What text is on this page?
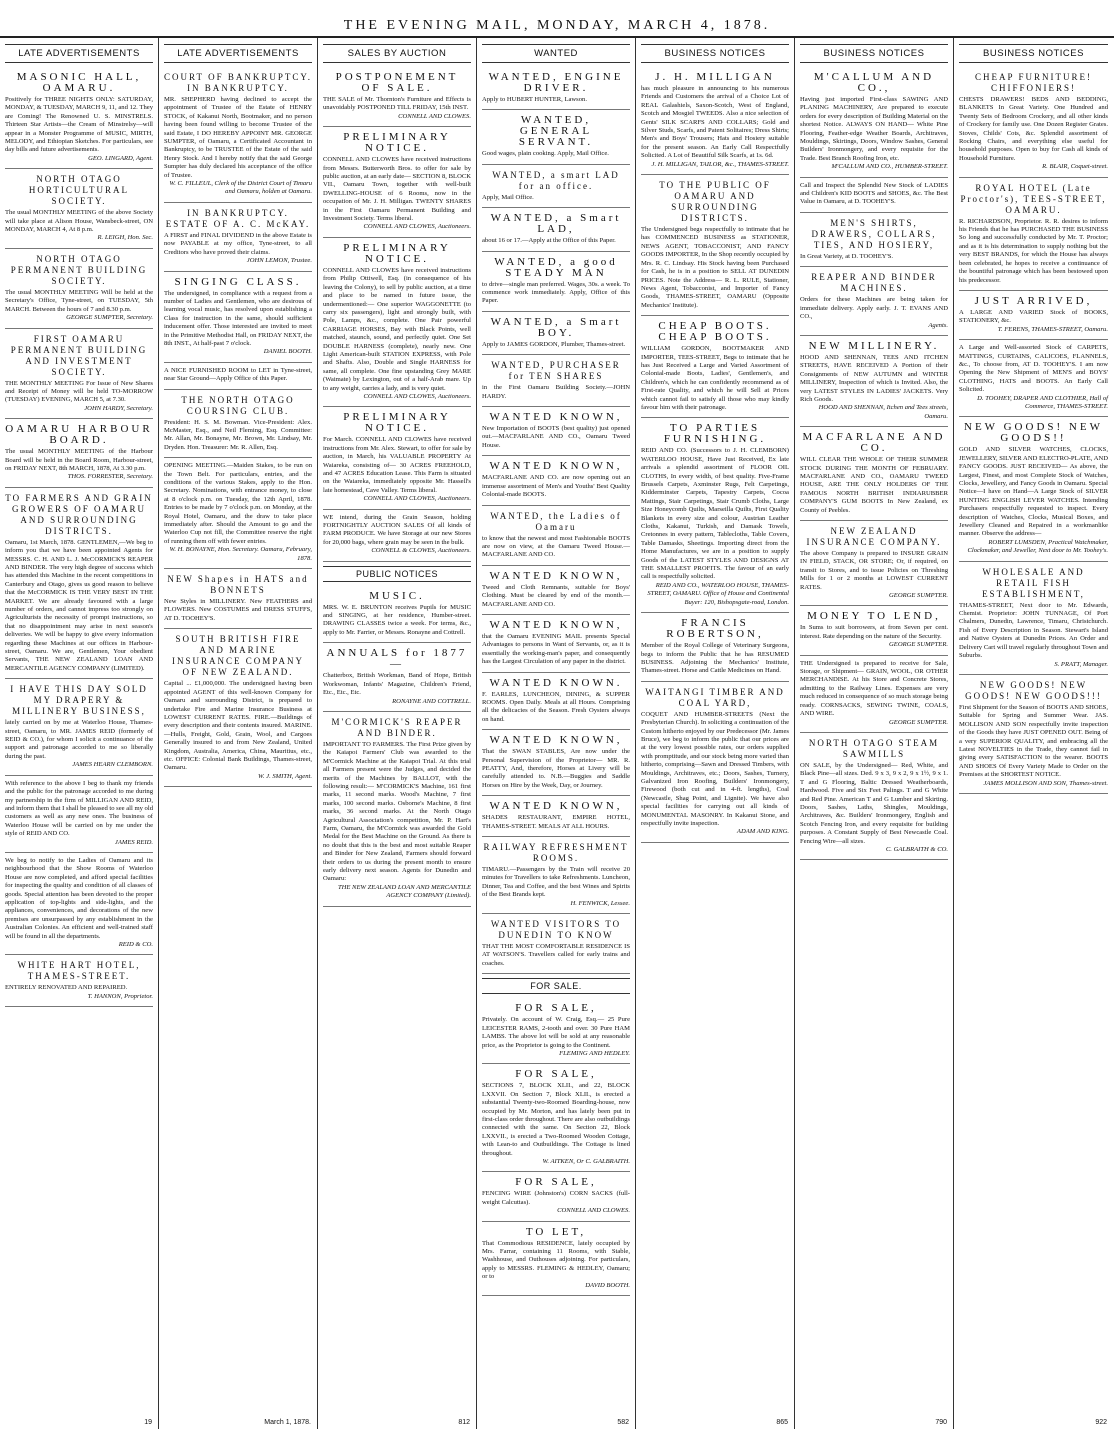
THE EVENING MAIL, MONDAY, MARCH 4, 1878.
LATE ADVERTISEMENTS
MASONIC HALL, OAMARU.
Positively for THREE NIGHTS ONLY: SATURDAY, MONDAY, & TUESDAY, MARCH 9, 11, and 12. They are Coming! The Renowned U. S. MINSTRELS. Thirteen Star Artists—the Cream of Minstrelsy—will appear in a Monster Programme of MUSIC, MIRTH, MELODY, and Ethiopian Sketches. For particulars, see day bills and future advertisements.
GEO. LINGARD, Agent.
NORTH OTAGO HORTICULTURAL SOCIETY.
The usual MONTHLY MEETING of the above Society will take place at Alison House, Wansbeck-street, ON MONDAY, MARCH 4, At 8 p.m.
R. LEIGH, Hon. Sec.
NORTH OTAGO PERMANENT BUILDING SOCIETY.
The usual MONTHLY MEETING Will be held at the Secretary's Office, Tyne-street, on TUESDAY, 5th MARCH. Between the hours of 7 and 8.30 p.m.
GEORGE SUMPTER, Secretary.
FIRST OAMARU PERMANENT BUILDING AND INVESTMENT SOCIETY.
THE MONTHLY MEETING For Issue of New Shares and Receipt of Money will be held TO-MORROW (TUESDAY) EVENING, MARCH 5, at 7.30.
JOHN HARDY, Secretary.
OAMARU HARBOUR BOARD.
The usual MONTHLY MEETING of the Harbour Board will be held in the Board Room, Harbour-street, on FRIDAY NEXT, 8th MARCH, 1878, At 3.30 p.m.
THOS. FORRESTER, Secretary.
TO FARMERS AND GRAIN GROWERS OF OAMARU AND SURROUNDING DISTRICTS.
Oamaru, 1st March, 1878. GENTLEMEN,—We beg to inform you that we have been appointed Agents for MESSRS. C. H. AND L. J. McCORMICK'S REAPER AND BINDER. The very high degree of success which has attended this Machine in the recent competitions in Canterbury and Otago, gives us good reason to believe that the McCORMICK IS THE VERY BEST IN THE MARKET. We are already favoured with a large number of orders, and cannot impress too strongly on Agriculturists the necessity of prompt instructions, so that no disappointment may arise in next season's deliveries. We will be happy to give every information regarding these Machines at our offices in Harbour-street, Oamaru. We are, Gentlemen, Your obedient Servants, THE NEW ZEALAND LOAN AND MERCANTILE AGENCY COMPANY (LIMITED).
I HAVE THIS DAY SOLD MY DRAPERY & MILLINERY BUSINESS,
lately carried on by me at Waterloo House, Thames-street, Oamaru, to MR. JAMES REID (formerly of REID & CO.), for whom I solicit a continuance of the support and patronage accorded to me so liberally during the past.
JAMES HEARN CLEMBORN.
With reference to the above I beg to thank my friends and the public for the patronage accorded to me during my partnership in the firm of MILLIGAN AND REID, and inform them that I shall be pleased to see all my old customers as well as any new ones. The business of Waterloo House will be carried on by me under the style of REID AND CO.
JAMES REID.
We beg to notify to the Ladies of Oamaru and its neighbourhood that the Show Rooms of Waterloo House are now completed, and afford special facilities for inspecting the quality and condition of all classes of goods. Special attention has been devoted to the proper application of top-lights and side-lights, and the appliances, conveniences, and decorations of the new premises are unsurpassed by any establishment in the Australian Colonies. An efficient and well-trained staff will be found in all the departments.
REID & CO.
WHITE HART HOTEL, THAMES-STREET.
ENTIRELY RENOVATED AND REPAIRED.
T. HANNON, Proprietor.
19
LATE ADVERTISEMENTS
COURT OF BANKRUPTCY. IN BANKRUPTCY.
MR. SHEPHERD having declined to accept the appointment of Trustee of the Estate of HENRY STOCK, of Kakanui North, Bootmaker, and no person having been found willing to become Trustee of the said Estate, I DO HEREBY APPOINT MR. GEORGE SUMPTER, of Oamaru, a Certificated Accountant in Bankruptcy, to be TRUSTEE of the Estate of the said Henry Stock. And I hereby notify that the said George Sumpter has duly declared his acceptance of the office of Trustee.
W. C. FILLEUL, Clerk of the District Court of Timaru and Oamaru, holden at Oamaru.
IN BANKRUPTCY. ESTATE OF A. C. McKAY.
A FIRST and FINAL DIVIDEND in the above Estate is now PAYABLE at my office, Tyne-street, to all Creditors who have proved their claims.
JOHN LEMON, Trustee.
SINGING CLASS.
The undersigned, in compliance with a request from a number of Ladies and Gentlemen, who are desirous of learning vocal music, has resolved upon establishing a Class for instruction in the same, should sufficient inducement offer. Those interested are invited to meet in the Primitive Methodist Hall, on FRIDAY NEXT, the 8th INST., At half-past 7 o'clock.
DANIEL BOOTH.
A NICE FURNISHED ROOM to LET in Tyne-street, near Star Ground—Apply Office of this Paper.
THE NORTH OTAGO COURSING CLUB.
President: H. S. M. Bowman. Vice-President: Alex. McMaster, Esq., and Neil Fleming, Esq. Committee: Mr. Allan, Mr. Bonayne, Mr. Brown, Mr. Lindsay, Mr. Dryden. Hon. Treasurer: Mr. R. Allen, Esq.
OPENING MEETING.—Maiden Stakes, to be run on the Town Belt. For particulars, entries, and the conditions of the various Stakes, apply to the Hon. Secretary. Nominations, with entrance money, to close at 8 o'clock p.m. on Tuesday, the 12th April, 1878. Entries to be made by 7 o'clock p.m. on Monday, at the Royal Hotel, Oamaru, and the draw to take place immediately after. Should the Amount to go and the Waterloo Cup not fill, the Committee reserve the right of running them off with fewer entries.
W. H. BONAYNE, Hon. Secretary. Oamaru, February, 1878.
NEW Shapes in HATS and BONNETS
New Styles in MILLINERY. New FEATHERS and FLOWERS. New COSTUMES and DRESS STUFFS, AT D. TOOHEY'S.
SOUTH BRITISH FIRE AND MARINE INSURANCE COMPANY OF NEW ZEALAND.
Capital ... £1,000,000. The undersigned having been appointed AGENT of this well-known Company for Oamaru and surrounding District, is prepared to undertake Fire and Marine Insurance Business at LOWEST CURRENT RATES. FIRE.—Buildings of every description and their contents insured. MARINE.—Hulls, Freight, Gold, Grain, Wool, and Cargoes Generally insured to and from New Zealand, United Kingdom, Australia, America, China, Mauritius, etc., etc. OFFICE: Colonial Bank Buildings, Thames-street, Oamaru.
W. J. SMITH, Agent.
March 1, 1878.
SALES BY AUCTION
POSTPONEMENT OF SALE.
THE SALE of Mr. Thornton's Furniture and Effects is unavoidably POSTPONED TILL FRIDAY, 15th INST.
CONNELL AND CLOWES.
PRELIMINARY NOTICE.
CONNELL AND CLOWES have received instructions from Messrs. Butterworth Bros. to offer for sale by public auction, at an early date— SECTION 8, BLOCK VII., Oamaru Town, together with well-built DWELLING-HOUSE of 6 Rooms, now in the occupation of Mr. J. H. Milligan. TWENTY SHARES in the First Oamaru Permanent Building and Investment Society. Terms liberal.
CONNELL AND CLOWES, Auctioneers.
PRELIMINARY NOTICE.
CONNELL AND CLOWES have received instructions from Philip Ottiwell, Esq. (in consequence of his leaving the Colony), to sell by public auction, at a time and place to be named in future issue, the undermentioned:— One superior WAGGONETTE (to carry six passengers), light and strongly built, with Pole, Lamps, &c., complete. One Pair powerful CARRIAGE HORSES, Bay with Black Points, well matched, staunch, sound, and perfectly quiet. One Set DOUBLE HARNESS (complete), nearly new. One Light American-built STATION EXPRESS, with Pole and Shafts. Also, Double and Single HARNESS for same, all complete. One fine upstanding Grey MARE (Waimate) by Lexington, out of a half-Arab mare. Up to any weight, carries a lady, and is very quiet.
CONNELL AND CLOWES, Auctioneers.
PRELIMINARY NOTICE.
For March. CONNELL AND CLOWES have received instructions from Mr. Alex. Stewart, to offer for sale by auction, in March, his VALUABLE PROPERTY At Waiareka, consisting of— 30 ACRES FREEHOLD, and 47 ACRES Education Lease. This Farm is situated on the Waiareka, immediately opposite Mr. Hassell's late homestead, Cave Valley. Terms liberal.
CONNELL AND CLOWES, Auctioneers.
WE intend, during the Grain Season, holding FORTNIGHTLY AUCTION SALES Of all kinds of FARM PRODUCE. We have Storage at our new Stores for 20,000 bags, where grain may be seen in the bulk.
CONNELL & CLOWES, Auctioneers.
PUBLIC NOTICES
MUSIC.
MRS. W. E. BRUNTON receives Pupils for MUSIC and SINGING, at her residence, Humber-street. DRAWING CLASSES twice a week. For terms, &c., apply to Mr. Farrier, or Messrs. Ronayne and Cottrell.
ANNUALS for 1877—
Chatterbox, British Workman, Band of Hope, British Workwoman, Infants' Magazine, Children's Friend, Etc., Etc., Etc.
RONAYNE AND COTTRELL.
M'CORMICK'S REAPER AND BINDER.
IMPORTANT TO FARMERS. The First Prize given by the Kaiapoi Farmers' Club was awarded to the M'Cormick Machine at the Kaiapoi Trial. At this trial all Farmers present were the Judges, and decided the merits of the Machines by BALLOT, with the following result:— M'CORMICK'S Machine, 161 first marks, 11 second marks. Wood's Machine, 7 first marks, 100 second marks. Osborne's Machine, 8 first marks, 36 second marks. At the North Otago Agricultural Association's competition, Mr. P. Hart's Farm, Oamaru, the M'Cormick was awarded the Gold Medal for the Best Machine on the Ground. As there is no doubt that this is the best and most suitable Reaper and Binder for New Zealand, Farmers should forward their orders to us during the present month to ensure early delivery next season. Agents for Dunedin and Oamaru:
THE NEW ZEALAND LOAN AND MERCANTILE AGENCY COMPANY (Limited).
812
WANTED
WANTED, ENGINE DRIVER.
Apply to HUBERT HUNTER, Lawson.
WANTED, GENERAL SERVANT.
Good wages, plain cooking. Apply, Mail Office.
WANTED, a smart LAD for an office.
Apply, Mail Office.
WANTED, a Smart LAD,
about 16 or 17.—Apply at the Office of this Paper.
WANTED, a good STEADY MAN
to drive—single man preferred. Wages, 30s. a week. To commence work immediately. Apply, Office of this Paper.
WANTED, a Smart BOY.
Apply to JAMES GORDON, Plumber, Thames-street.
WANTED, PURCHASER for TEN SHARES
in the First Oamaru Building Society.—JOHN HARDY.
WANTED KNOWN,
New Importation of BOOTS (best quality) just opened out.—MACFARLANE AND CO., Oamaru Tweed House.
WANTED KNOWN,
MACFARLANE AND CO. are now opening out an immense assortment of Men's and Youths' Best Quality Colonial-made BOOTS.
WANTED, the Ladies of Oamaru
to know that the newest and most Fashionable BOOTS are now on view, at the Oamaru Tweed House.—MACFARLANE AND CO.
WANTED KNOWN,
Tweed and Cloth Remnants, suitable for Boys' Clothing. Must be cleared by end of the month.—MACFARLANE AND CO.
WANTED KNOWN,
that the Oamaru EVENING MAIL presents Special Advantages to persons in Want of Servants, or, as it is essentially the working-man's paper, and consequently has the Largest Circulation of any paper in the district.
WANTED KNOWN.
F. EARLES, LUNCHEON, DINING, & SUPPER ROOMS. Open Daily. Meals at all Hours. Comprising all the delicacies of the Season. Fresh Oysters always on hand.
WANTED KNOWN,
That the SWAN STABLES, Are now under the Personal Supervision of the Proprietor— MR. R. PEATTY, And, therefore, Horses at Livery will be carefully attended to. N.B.—Buggies and Saddle Horses on Hire by the Week, Day, or Journey.
WANTED KNOWN,
SHADES RESTAURANT, EMPIRE HOTEL, THAMES-STREET. MEALS AT ALL HOURS.
RAILWAY REFRESHMENT ROOMS.
TIMARU.—Passengers by the Train will receive 20 minutes for Travellers to take Refreshments. Luncheon, Dinner, Tea and Coffee, and the best Wines and Spirits of the Best Brands kept.
H. FENWICK, Lessee.
WANTED VISITORS TO DUNEDIN TO KNOW
THAT THE MOST COMFORTABLE RESIDENCE IS AT WATSON'S. Travellers called for early trains and coaches.
FOR SALE.
FOR SALE,
Privately. On account of W. Craig, Esq.— 25 Pure LEICESTER RAMS, 2-tooth and over. 30 Pure HAM LAMBS. The above lot will be sold at any reasonable price, as the Proprietor is going to the Continent.
FLEMING AND HEDLEY.
FOR SALE,
SECTIONS 7, BLOCK XLII., and 22, BLOCK LXXVII. On Section 7, Block XLII., is erected a substantial Twenty-two-Roomed Boarding-house, now occupied by Mr. Morton, and has lately been put in first-class order throughout. There are also outbuildings connected with the same. On Section 22, Block LXXVII., is erected a Two-Roomed Wooden Cottage, with Lean-to and Outbuildings. The Cottage is lined throughout.
W. AITKEN, Or C. GALBRAITH.
FOR SALE,
FENCING WIRE (Johnston's) CORN SACKS (full-weight Calcuttas).
CONNELL AND CLOWES.
TO LET,
That Commodious RESIDENCE, lately occupied by Mrs. Farrar, containing 11 Rooms, with Stable, Washhouse, and Outhouses adjoining. For particulars, apply to MESSRS. FLEMING & HEDLEY, Oamaru; or to
DAVID BOOTH.
582
BUSINESS NOTICES
J. H. MILLIGAN
has much pleasure in announcing to his numerous Friends and Customers the arrival of a Choice Lot of REAL Galashiels, Saxon-Scotch, West of England, Scotch and Mosgiel TWEEDS. Also a nice selection of Gents' SILK SCARFS AND COLLARS; Gold and Silver Studs, Scarfs, and Patent Solitaires; Dress Shirts; Men's and Boys' Trousers; Hats and Hosiery suitable for the present season. An Early Call Respectfully Solicited. A Lot of Beautiful Silk Scarfs, at 1s. 6d.
J. H. MILLIGAN, TAILOR, &c., THAMES-STREET.
TO THE PUBLIC OF OAMARU AND SURROUNDING DISTRICTS.
The Undersigned begs respectfully to intimate that he has COMMENCED BUSINESS as STATIONER, NEWS AGENT, TOBACCONIST, AND FANCY GOODS IMPORTER, In the Shop recently occupied by Mrs. R. C. Lindsay. His Stock having been Purchased for Cash, he is in a position to SELL AT DUNEDIN PRICES. Note the Address— R. L. RULE, Stationer, News Agent, Tobacconist, and Importer of Fancy Goods, THAMES-STREET, OAMARU (Opposite Mechanics' Institute).
CHEAP BOOTS. CHEAP BOOTS.
WILLIAM GORDON, BOOTMAKER AND IMPORTER, TEES-STREET, Begs to intimate that he has Just Received a Large and Varied Assortment of Colonial-made Boots, Ladies', Gentlemen's, and Children's, which he can confidently recommend as of First-rate Quality, and which he will Sell at Prices which cannot fail to satisfy all those who may kindly favour him with their patronage.
TO PARTIES FURNISHING.
REID AND CO. (Successors to J. H. CLEMBORN) WATERLOO HOUSE, Have Just Received, Ex late arrivals a splendid assortment of FLOOR OIL CLOTHS, In every width, of best quality. Five-Frame Brussels Carpets, Axminster Rugs, Felt Carpetings, Kidderminster Carpets, Tapestry Carpets, Cocoa Mattings, Stair Carpetings, Stair Crumb Cloths, Large Size Honeycomb Quilts, Marseilla Quilts, First Quality Blankets in every size and colour, Austrian Leather Cloths, Kakanui, Turkish, and Damask Towels, Cretonnes in every pattern, Tablecloths, Table Covers, Table Damasks, Sheetings. Importing direct from the Home Manufactures, we are in a position to supply Goods of the LATEST STYLES AND DESIGNS AT THE SMALLEST PROFITS. The favour of an early call is respectfully solicited.
REID AND CO., WATERLOO HOUSE, THAMES-STREET, OAMARU. Office of House and Continental Buyer: 120, Bishopsgate-road, London.
FRANCIS ROBERTSON,
Member of the Royal College of Veterinary Surgeons, begs to inform the Public that he has RESUMED BUSINESS. Adjoining the Mechanics' Institute, Thames-street. Horse and Cattle Medicines on Hand.
WAITANGI TIMBER AND COAL YARD,
COQUET AND HUMBER-STREETS (Next the Presbyterian Church). In soliciting a continuation of the Custom hitherto enjoyed by our Predecessor (Mr. James Bruce), we beg to inform the public that our prices are at the very lowest possible rates, our orders supplied with promptitude, and our stock being more varied than hitherto, comprising—Sawn and Dressed Timbers, with Mouldings, Architraves, etc.; Doors, Sashes, Turnery, Galvanized Iron Roofing, Builders' Ironmongery, Firewood (both cut and in 4-ft. lengths), Coal (Newcastle, Shag Point, and Lignite). We have also special facilities for carrying out all kinds of MONUMENTAL MASONRY. In Kakanui Stone, and respectfully invite inspection.
ADAM AND KING.
865
BUSINESS NOTICES
M'CALLUM AND CO.,
Having just imported First-class SAWING AND PLANING MACHINERY, Are prepared to execute orders for every description of Building Material on the shortest Notice. ALWAYS ON HAND— White Pine Flooring, Feather-edge Weather Boards, Architraves, Mouldings, Skirtings, Doors, Window Sashes, General Builders' Ironmongery, and every requisite for the Trade. Best Branch Roofing Iron, etc.
M'CALLUM AND CO., HUMBER-STREET.
Call and Inspect the Splendid New Stock of LADIES and Children's KID BOOTS and SHOES, &c. The Best Value in Oamaru, at D. TOOHEY'S.
MEN'S SHIRTS, DRAWERS, COLLARS, TIES, AND HOSIERY,
In Great Variety, at D. TOOHEY'S.
REAPER AND BINDER MACHINES.
Orders for these Machines are being taken for immediate delivery. Apply early. J. T. EVANS AND CO.,
Agents.
NEW MILLINERY.
HOOD AND SHENNAN, TEES AND ITCHEN STREETS, HAVE RECEIVED A Portion of their Consignments of NEW AUTUMN and WINTER MILLINERY, Inspection of which is Invited. Also, the very LATEST STYLES IN LADIES' JACKETS. Very Rich Goods.
HOOD AND SHENNAN, Itchen and Tees streets, Oamaru.
MACFARLANE AND CO.
WILL CLEAR THE WHOLE OF THEIR SUMMER STOCK DURING THE MONTH OF FEBRUARY. MACFARLANE AND CO., OAMARU TWEED HOUSE, ARE THE ONLY HOLDERS OF THE FAMOUS NORTH BRITISH INDIARUBBER COMPANY'S GUM BOOTS In New Zealand, ex County of Peebles.
NEW ZEALAND INSURANCE COMPANY.
The above Company is prepared to INSURE GRAIN IN FIELD, STACK, OR STORE; Or, if required, on transit to Stores, and to issue Policies on Threshing Mills for 1 or 2 months at LOWEST CURRENT RATES.
GEORGE SUMPTER.
MONEY TO LEND,
In Sums to suit borrowers, at from Seven per cent. interest. Rate depending on the nature of the Security.
GEORGE SUMPTER.
THE Undersigned is prepared to receive for Sale, Storage, or Shipment— GRAIN, WOOL, OR OTHER MERCHANDISE. At his Store and Concrete Stores, admitting to the Railway Lines. Expenses are very much reduced in consequence of so much storage being ready. CORNSACKS, SEWING TWINE, COALS, AND WIRE.
GEORGE SUMPTER.
NORTH OTAGO STEAM SAWMILLS
ON SALE, by the Undersigned— Red, White, and Black Pine—all sizes. Ded. 9 x 3, 9 x 2, 9 x 1½, 9 x 1. T and G Flooring, Baltic Dressed Weatherboards, Hardwood. Five and Six Feet Palings. T and G White and Red Pine. American T and G Lumber and Skirting. Doors, Sashes, Laths, Shingles, Mouldings, Architraves, &c. Builders' Ironmongery, English and Scotch Fencing Iron, and every requisite for building purposes. A Constant Supply of Best Newcastle Coal. Fencing Wire—all sizes.
C. GALBRAITH & CO.
790
BUSINESS NOTICES
CHEAP FURNITURE! CHIFFONIERS!
CHESTS DRAWERS! BEDS AND BEDDING, BLANKETS In Great Variety. One Hundred and Twenty Sets of Bedroom Crockery, and all other kinds of Crockery for family use. One Dozen Register Grates. Stoves, Childs' Cots, &c. Splendid assortment of Rocking Chairs, and everything else useful for household purposes. Open to buy for Cash all kinds of Household Furniture.
R. BLAIR, Coquet-street.
ROYAL HOTEL (Late Proctor's), TEES-STREET, OAMARU.
R. RICHARDSON, Proprietor. R. R. desires to inform his Friends that he has PURCHASED THE BUSINESS So long and successfully conducted by Mr. T. Proctor; and as it is his determination to supply nothing but the very BEST BRANDS, for which the House has always been celebrated, he hopes to receive a continuance of the bountiful patronage which has been bestowed upon his predecessor.
JUST ARRIVED,
A LARGE AND VARIED Stock of BOOKS, STATIONERY, &c.
T. FERENS, THAMES-STREET, Oamaru.
A Large and Well-assorted Stock of CARPETS, MATTINGS, CURTAINS, CALICOES, FLANNELS, &c., To choose from, AT D. TOOHEY'S. I am now Opening the New Shipment of MEN'S and BOYS' CLOTHING, HATS and BOOTS. An Early Call Solicited.
D. TOOHEY, DRAPER AND CLOTHIER, Hall of Commerce, THAMES-STREET.
NEW GOODS! NEW GOODS!!
GOLD AND SILVER WATCHES, CLOCKS, JEWELLERY, SILVER AND ELECTRO-PLATE, AND FANCY GOODS. JUST RECEIVED— As above, the Largest, Finest, and most Complete Stock of Watches, Clocks, Jewellery, and Fancy Goods in Oamaru. Special Notice—I have on Hand—A Large Stock of SILVER HUNTING ENGLISH LEVER WATCHES. Intending Purchasers respectfully requested to inspect. Every description of Watches, Clocks, Musical Boxes, and Jewellery Cleaned and Repaired in a workmanlike manner. Observe the address—
ROBERT LUMSDEN, Practical Watchmaker, Clockmaker, and Jeweller, Next door to Mr. Toohey's.
WHOLESALE AND RETAIL FISH ESTABLISHMENT,
THAMES-STREET, Next door to Mr. Edwards, Chemist. Proprietor: JOHN TUNNAGE, Of Port Chalmers, Dunedin, Lawrence, Timaru, Christchurch. Fish of Every Description in Season. Stewart's Island and Native Oysters at Dunedin Prices. An Order and Delivery Cart will travel regularly throughout Town and Suburbs.
S. PRATT, Manager.
NEW GOODS! NEW GOODS! NEW GOODS!!!
First Shipment for the Season of BOOTS AND SHOES, Suitable for Spring and Summer Wear. JAS. MOLLISON AND SON respectfully invite inspection of the Goods they have JUST OPENED OUT. Being of a very SUPERIOR QUALITY, and embracing all the Latest NOVELTIES in the Trade, they cannot fail in giving every SATISFACTION to the wearer. BOOTS AND SHOES Of Every Variety Made to Order on the Premises at the SHORTEST NOTICE.
JAMES MOLLISON AND SON, Thames-street.
922
